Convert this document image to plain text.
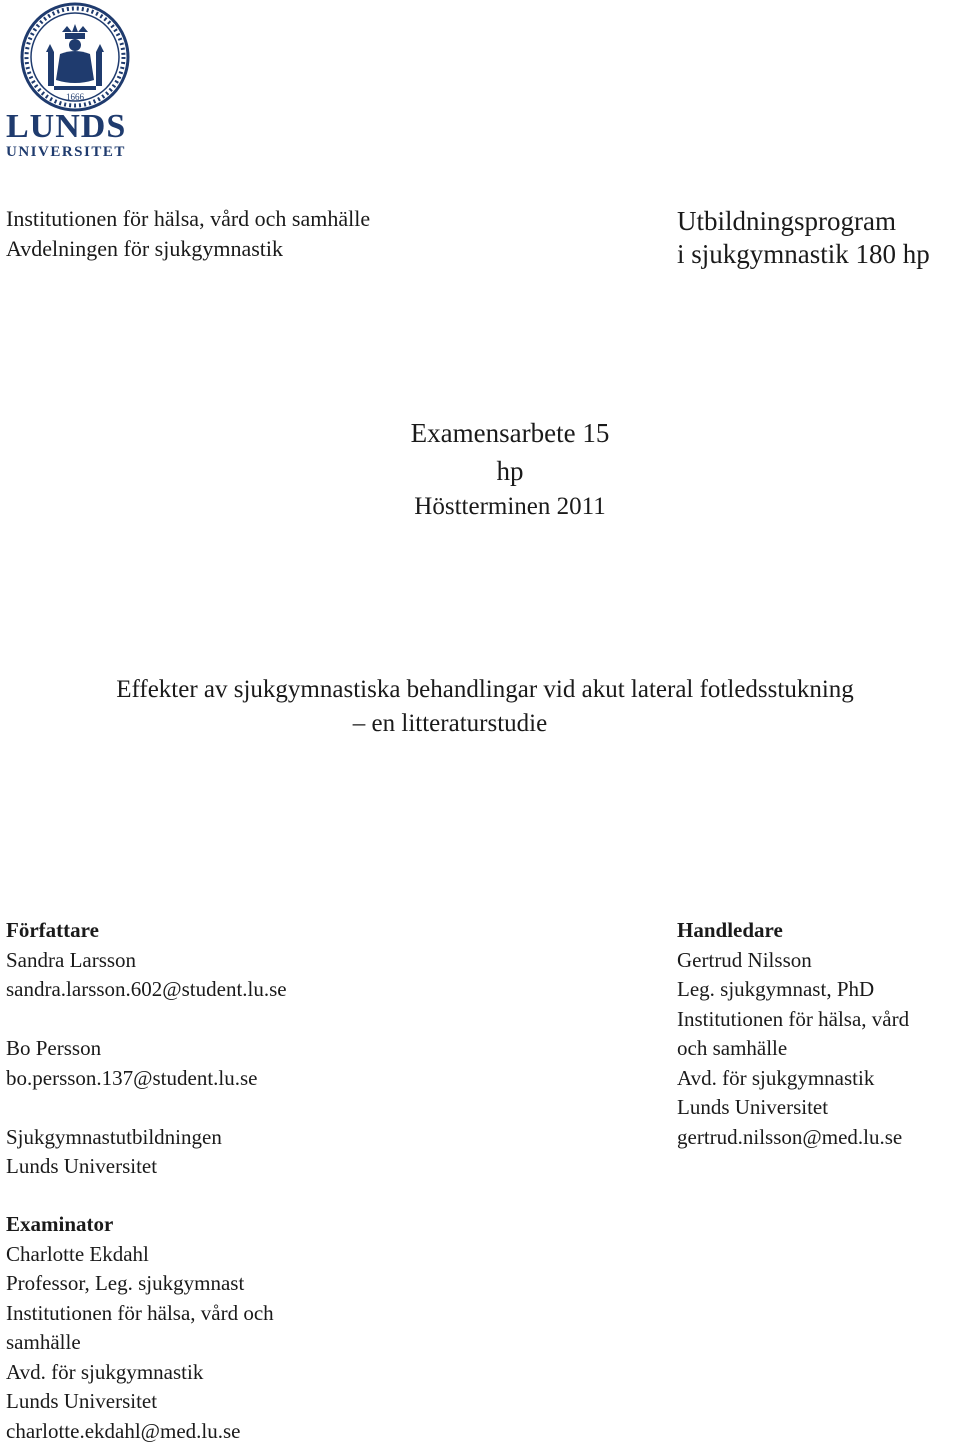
1666
LUNDS
UNIVERSITET
Institutionen för hälsa, vård och samhälle
Avdelningen för sjukgymnastik
Utbildningsprogram
i sjukgymnastik 180 hp
Examensarbete 15
hp
Höstterminen 2011
Effekter av sjukgymnastiska behandlingar vid akut lateral fotledsstukning
– en litteraturstudie
Författare
Sandra Larsson
sandra.larsson.602@student.lu.se
Bo Persson
bo.persson.137@student.lu.se
Sjukgymnastutbildningen
Lunds Universitet
Handledare
Gertrud Nilsson
Leg. sjukgymnast, PhD
Institutionen för hälsa, vård
och samhälle
Avd. för sjukgymnastik
Lunds Universitet
gertrud.nilsson@med.lu.se
Examinator
Charlotte Ekdahl
Professor, Leg. sjukgymnast
Institutionen för hälsa, vård och
samhälle
Avd. för sjukgymnastik
Lunds Universitet
charlotte.ekdahl@med.lu.se
